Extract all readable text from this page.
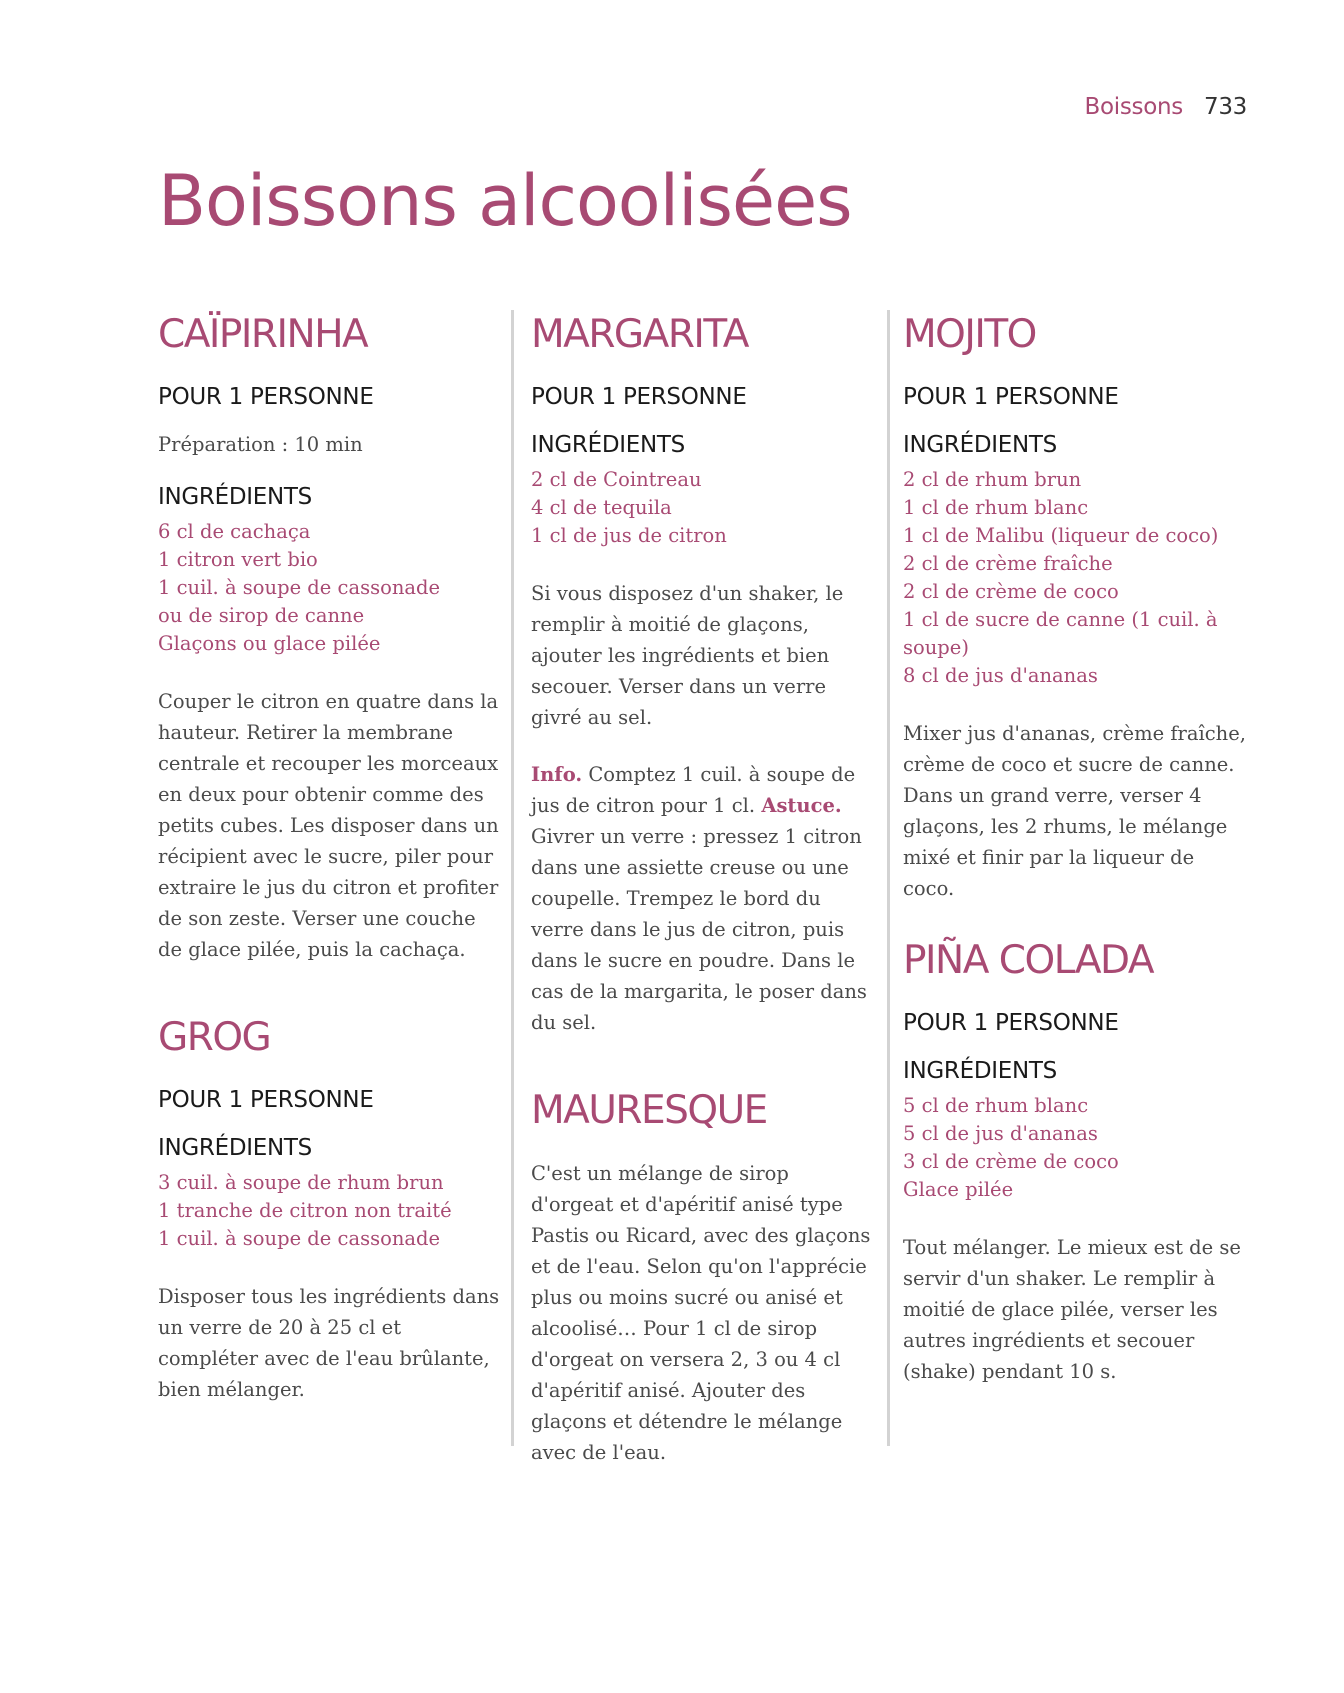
Boissons 733
Boissons alcoolisées
CAÏPIRINHA
POUR 1 PERSONNE
Préparation : 10 min
INGRÉDIENTS
6 cl de cachaça
1 citron vert bio
1 cuil. à soupe de cassonade
ou de sirop de canne
Glaçons ou glace pilée

Couper le citron en quatre dans la hauteur. Retirer la membrane centrale et recouper les morceaux en deux pour obtenir comme des petits cubes. Les disposer dans un récipient avec le sucre, piler pour extraire le jus du citron et profiter de son zeste. Verser une couche de glace pilée, puis la cachaça.

GROG
POUR 1 PERSONNE
INGRÉDIENTS
3 cuil. à soupe de rhum brun
1 tranche de citron non traité
1 cuil. à soupe de cassonade

Disposer tous les ingrédients dans un verre de 20 à 25 cl et compléter avec de l'eau brûlante, bien mélanger.

MARGARITA
POUR 1 PERSONNE
INGRÉDIENTS
2 cl de Cointreau
4 cl de tequila
1 cl de jus de citron

Si vous disposez d'un shaker, le remplir à moitié de glaçons, ajouter les ingrédients et bien secouer. Verser dans un verre givré au sel.

Info. Comptez 1 cuil. à soupe de jus de citron pour 1 cl. Astuce. Givrer un verre : pressez 1 citron dans une assiette creuse ou une coupelle. Trempez le bord du verre dans le jus de citron, puis dans le sucre en poudre. Dans le cas de la margarita, le poser dans du sel.

MAURESQUE

C'est un mélange de sirop d'orgeat et d'apéritif anisé type Pastis ou Ricard, avec des glaçons et de l'eau. Selon qu'on l'apprécie plus ou moins sucré ou anisé et alcoolisé… Pour 1 cl de sirop d'orgeat on versera 2, 3 ou 4 cl d'apéritif anisé. Ajouter des glaçons et détendre le mélange avec de l'eau.

MOJITO
POUR 1 PERSONNE
INGRÉDIENTS
2 cl de rhum brun
1 cl de rhum blanc
1 cl de Malibu (liqueur de coco)
2 cl de crème fraîche
2 cl de crème de coco
1 cl de sucre de canne (1 cuil. à soupe)
8 cl de jus d'ananas

Mixer jus d'ananas, crème fraîche, crème de coco et sucre de canne. Dans un grand verre, verser 4 glaçons, les 2 rhums, le mélange mixé et finir par la liqueur de coco.

PIÑA COLADA
POUR 1 PERSONNE
INGRÉDIENTS
5 cl de rhum blanc
5 cl de jus d'ananas
3 cl de crème de coco
Glace pilée

Tout mélanger. Le mieux est de se servir d'un shaker. Le remplir à moitié de glace pilée, verser les autres ingrédients et secouer (shake) pendant 10 s.
